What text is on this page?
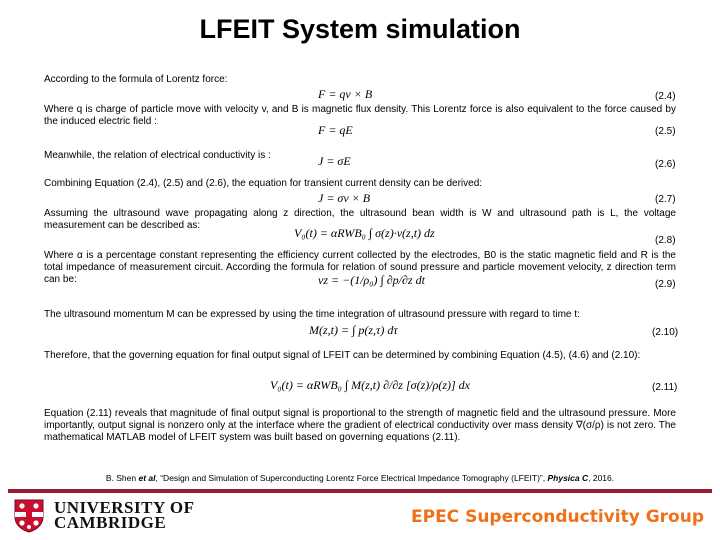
LFEIT System simulation
According to the formula of Lorentz force:
F = qv × B	(2.4)
Where q is charge of particle move with velocity v, and B is magnetic flux density. This Lorentz force is also equivalent to the force caused by the induced electric field :
F = qE	(2.5)
Meanwhile, the relation of electrical conductivity is :	J = σE	(2.6)
Combining Equation (2.4), (2.5) and (2.6), the equation for transient current density can be derived:
J = σv × B	(2.7)
Assuming the ultrasound wave propagating along z direction, the ultrasound bean width is W and ultrasound path is L, the voltage measurement can be described as:
V₀(t) = αRWB₀ ∫ σ(z)·v(z,t) dz
(2.8)
Where α is a percentage constant representing the efficiency current collected by the electrodes, B0 is the static magnetic field and R is the total impedance of measurement circuit. According the formula for relation of sound pressure and particle movement velocity, z direction term can be:	vz = −(1/ρ₀) ∫ ∂p/∂z dt	(2.9)
The ultrasound momentum M can be expressed by using the time integration of ultrasound pressure with regard to time t:
M(z,t) = ∫ p(z,τ) dτ	(2.10)
Therefore, that the governing equation for final output signal of LFEIT can be determined by combining Equation (4.5), (4.6) and (2.10):
V₀(t) = αRWB₀ ∫ M(z,t) ∂/∂z [σ(z)/ρ(z)] dx	(2.11)
Equation (2.11) reveals that magnitude of final output signal is proportional to the strength of magnetic field and the ultrasound pressure. More importantly, output signal is nonzero only at the interface where the gradient of electrical conductivity over mass density ∇(σ/ρ) is not zero. The mathematical MATLAB model of LFEIT system was built based on governing equations (2.11).
B. Shen et al, “Design and Simulation of Superconducting Lorentz Force Electrical Impedance Tomography (LFEIT)”, Physica C, 2016.
UNIVERSITY OF
CAMBRIDGE	EPEC Superconductivity Group
